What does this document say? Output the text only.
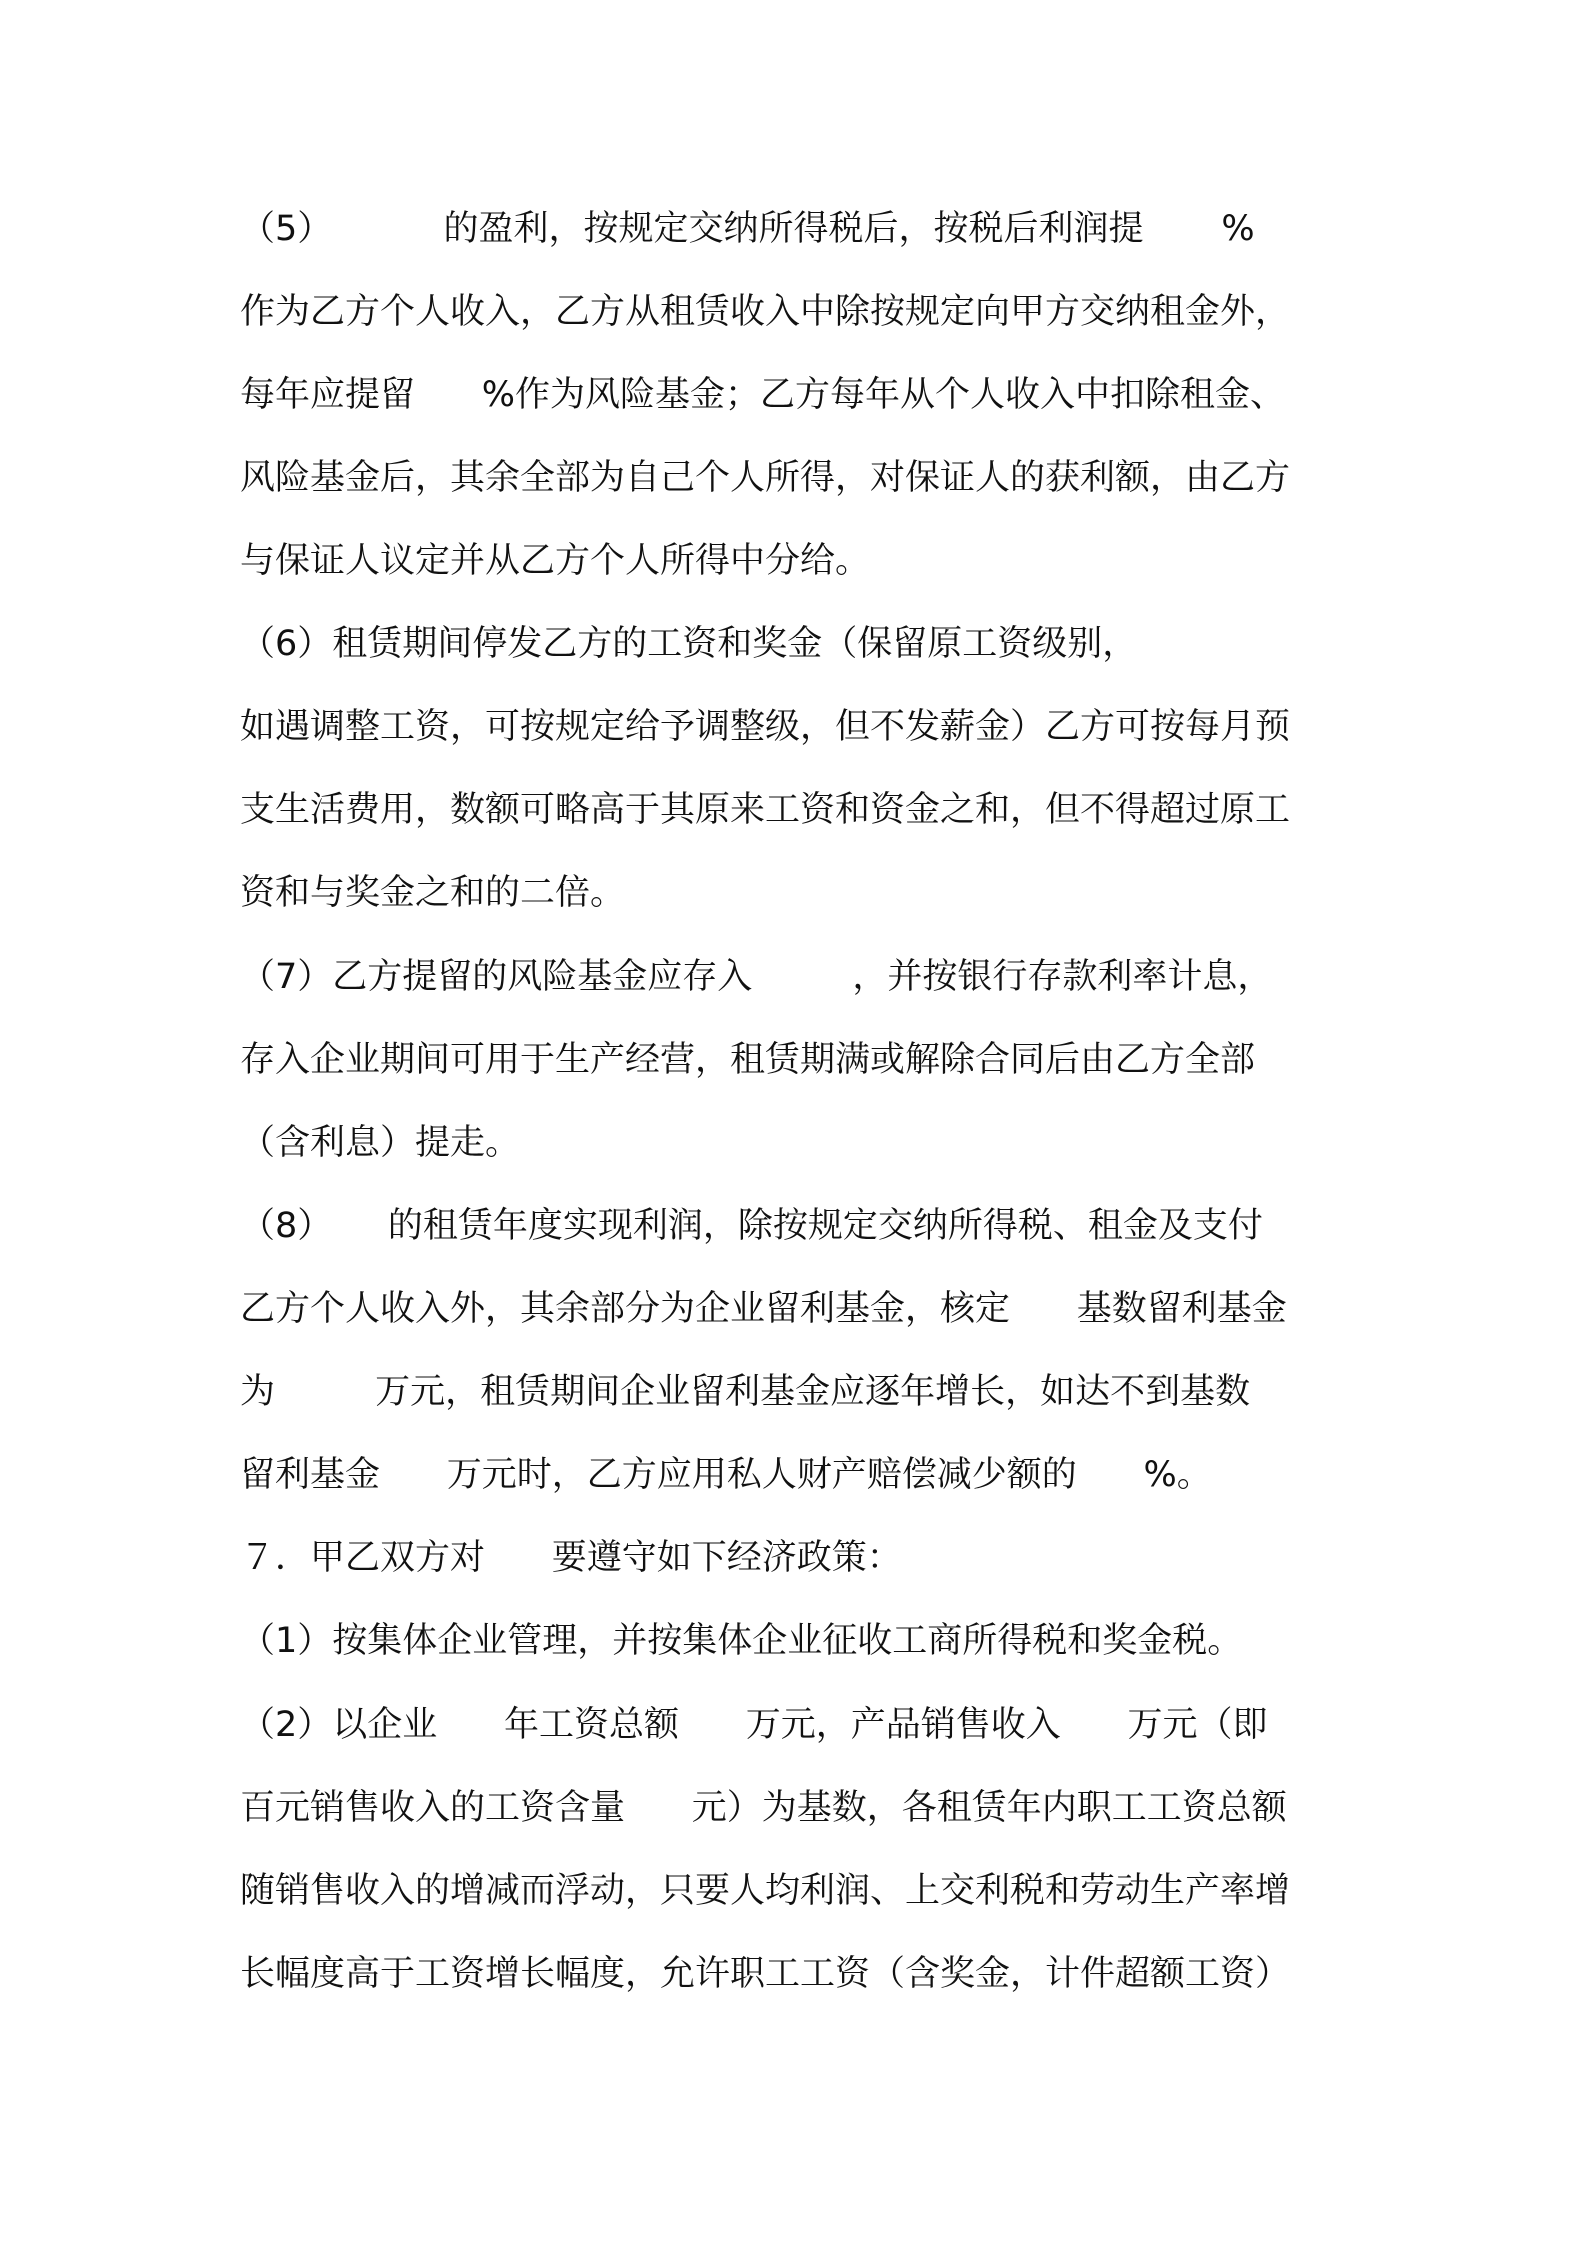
（5）          的盈利，按规定交纳所得税后，按税后利润提       %
作为乙方个人收入，乙方从租赁收入中除按规定向甲方交纳租金外，
每年应提留      %作为风险基金；乙方每年从个人收入中扣除租金、
风险基金后，其余全部为自己个人所得，对保证人的获利额，由乙方
与保证人议定并从乙方个人所得中分给。
（6）租赁期间停发乙方的工资和奖金（保留原工资级别，
如遇调整工资，可按规定给予调整级，但不发薪金）乙方可按每月预
支生活费用，数额可略高于其原来工资和资金之和，但不得超过原工
资和与奖金之和的二倍。
（7）乙方提留的风险基金应存入         ，并按银行存款利率计息，
存入企业期间可用于生产经营，租赁期满或解除合同后由乙方全部
（含利息）提走。
（8）     的租赁年度实现利润，除按规定交纳所得税、租金及支付
乙方个人收入外，其余部分为企业留利基金，核定      基数留利基金
为         万元，租赁期间企业留利基金应逐年增长，如达不到基数
留利基金      万元时，乙方应用私人财产赔偿减少额的      %。
７．甲乙双方对      要遵守如下经济政策：
（1）按集体企业管理，并按集体企业征收工商所得税和奖金税。
（2）以企业      年工资总额      万元，产品销售收入      万元（即
百元销售收入的工资含量      元）为基数，各租赁年内职工工资总额
随销售收入的增减而浮动，只要人均利润、上交利税和劳动生产率增
长幅度高于工资增长幅度，允许职工工资（含奖金，计件超额工资）
